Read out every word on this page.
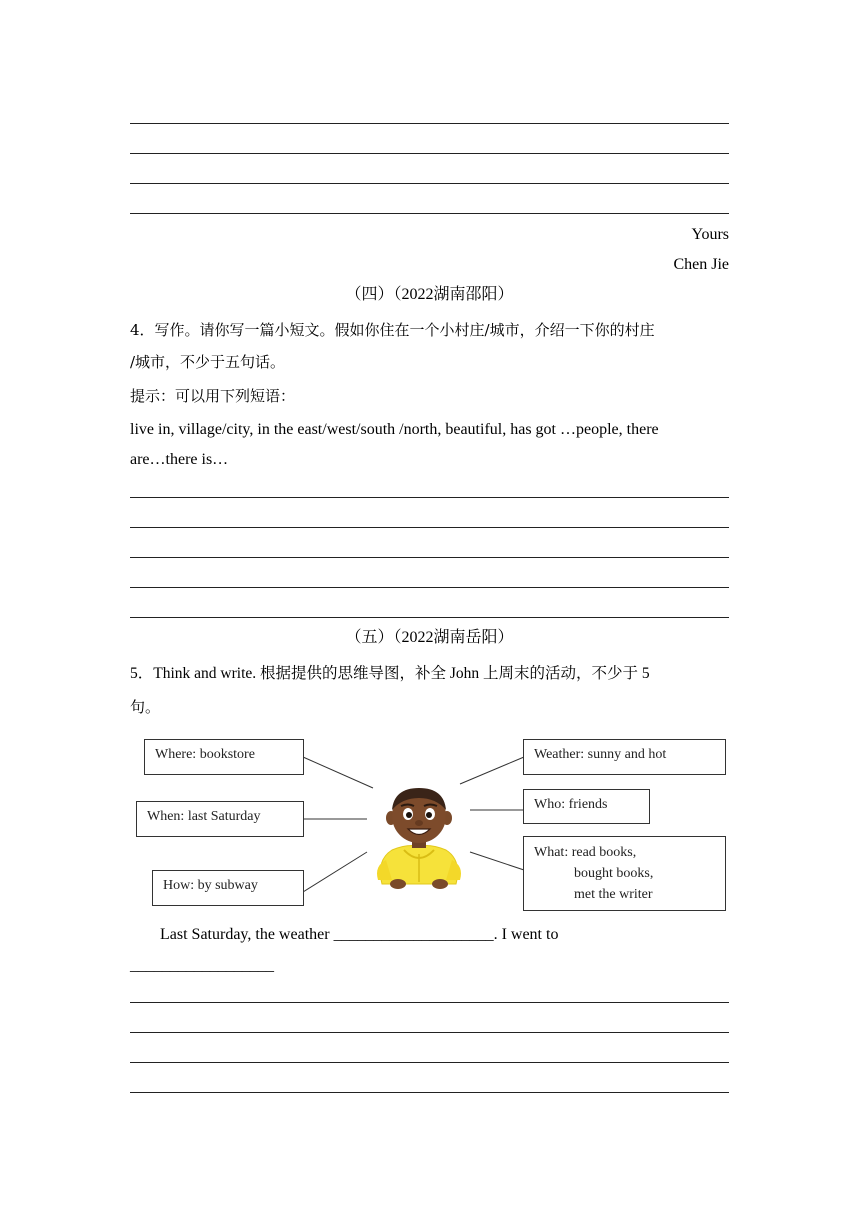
Yours
Chen Jie
（四）（2022湖南邵阳）
4．写作。请你写一篇小短文。假如你住在一个小村庄/城市，介绍一下你的村庄
/城市，不少于五句话。
提示：可以用下列短语：
live in, village/city, in the east/west/south /north, beautiful, has got …people, there
are…there is…
（五）（2022湖南岳阳）
5．Think and write. 根据提供的思维导图，补全 John 上周末的活动，不少于 5
句。
Where: bookstore
When: last Saturday
How: by subway
Weather: sunny and hot
Who: friends
What: read books,
bought books,
met the writer
Last Saturday, the weather ____________________. I went to
__________________
